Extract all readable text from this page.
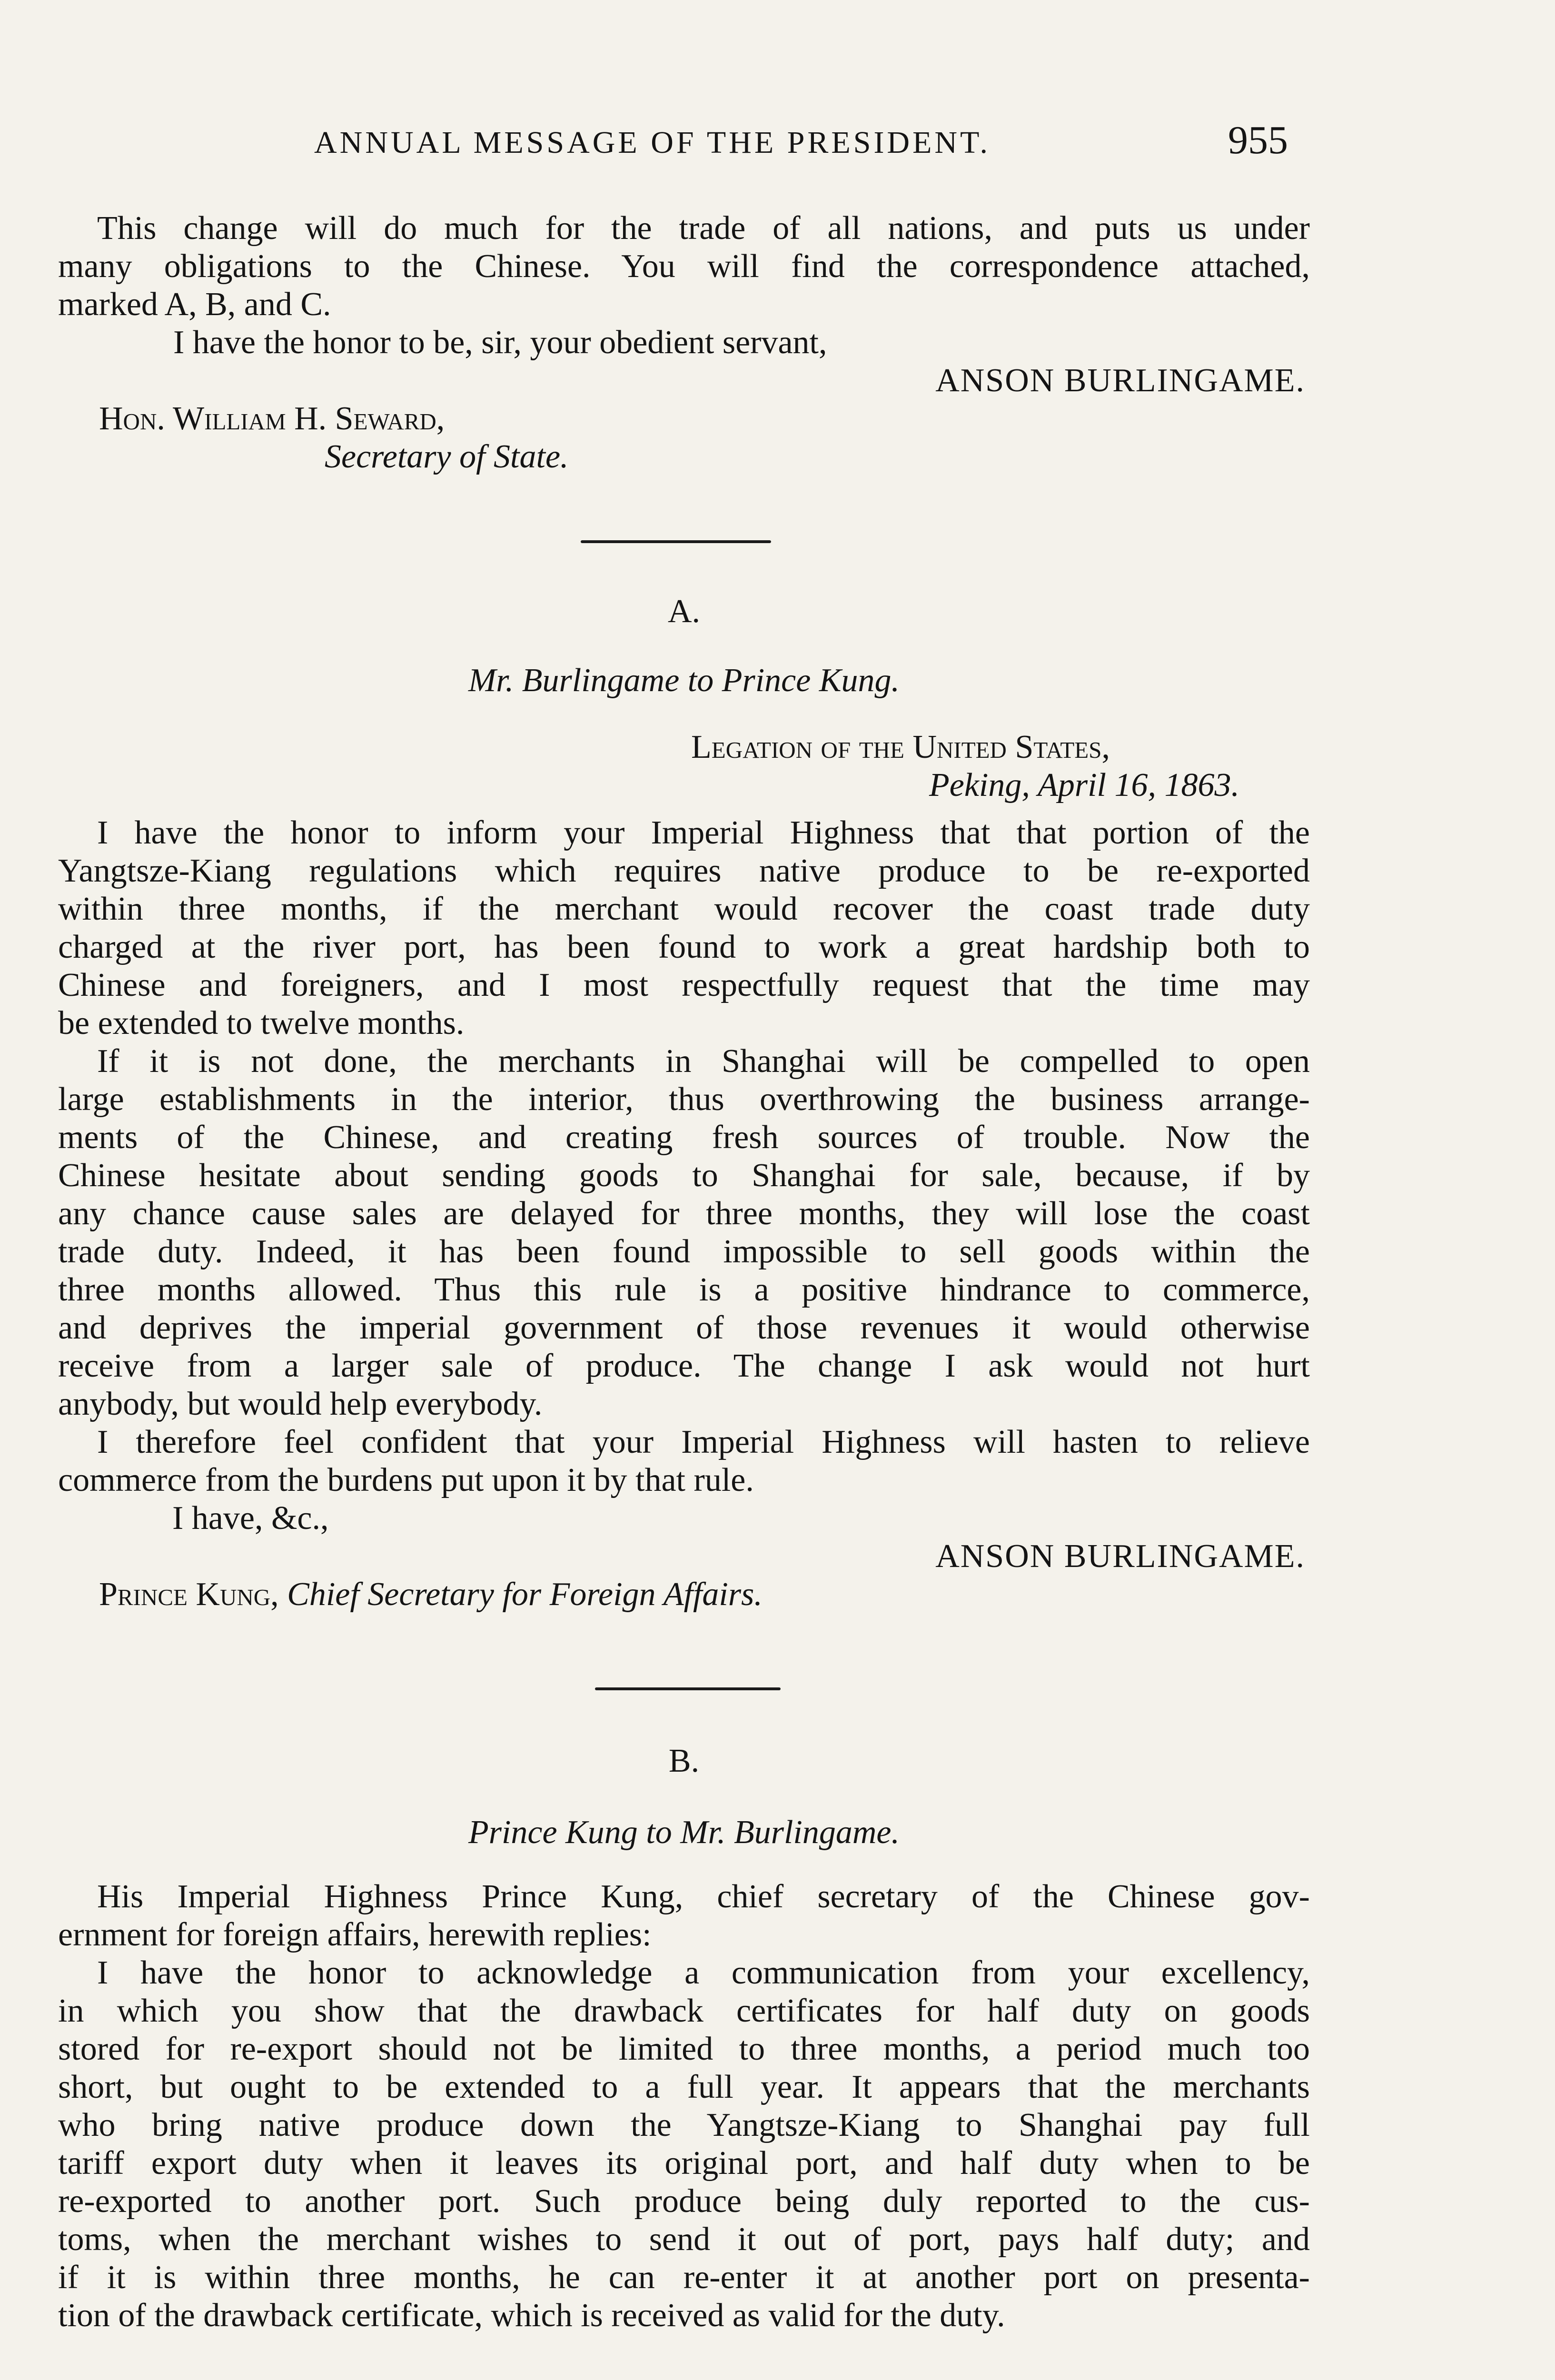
ANNUAL MESSAGE OF THE PRESIDENT.	955
This change will do much for the trade of all nations, and puts us under
many obligations to the Chinese. You will find the correspondence attached,
marked A, B, and C.
I have the honor to be, sir, your obedient servant,
ANSON BURLINGAME.
Hon. William H. Seward,
Secretary of State.
A.
Mr. Burlingame to Prince Kung.
Legation of the United States,
Peking, April 16, 1863.
I have the honor to inform your Imperial Highness that that portion of the
Yangtsze-Kiang regulations which requires native produce to be re-exported
within three months, if the merchant would recover the coast trade duty
charged at the river port, has been found to work a great hardship both to
Chinese and foreigners, and I most respectfully request that the time may
be extended to twelve months.
If it is not done, the merchants in Shanghai will be compelled to open
large establishments in the interior, thus overthrowing the business arrange-
ments of the Chinese, and creating fresh sources of trouble. Now the
Chinese hesitate about sending goods to Shanghai for sale, because, if by
any chance cause sales are delayed for three months, they will lose the coast
trade duty. Indeed, it has been found impossible to sell goods within the
three months allowed. Thus this rule is a positive hindrance to commerce,
and deprives the imperial government of those revenues it would otherwise
receive from a larger sale of produce. The change I ask would not hurt
anybody, but would help everybody.
I therefore feel confident that your Imperial Highness will hasten to relieve
commerce from the burdens put upon it by that rule.
I have, &c.,
ANSON BURLINGAME.
Prince Kung, Chief Secretary for Foreign Affairs.
B.
Prince Kung to Mr. Burlingame.
His Imperial Highness Prince Kung, chief secretary of the Chinese gov-
ernment for foreign affairs, herewith replies:
I have the honor to acknowledge a communication from your excellency,
in which you show that the drawback certificates for half duty on goods
stored for re-export should not be limited to three months, a period much too
short, but ought to be extended to a full year. It appears that the merchants
who bring native produce down the Yangtsze-Kiang to Shanghai pay full
tariff export duty when it leaves its original port, and half duty when to be
re-exported to another port. Such produce being duly reported to the cus-
toms, when the merchant wishes to send it out of port, pays half duty; and
if it is within three months, he can re-enter it at another port on presenta-
tion of the drawback certificate, which is received as valid for the duty.
